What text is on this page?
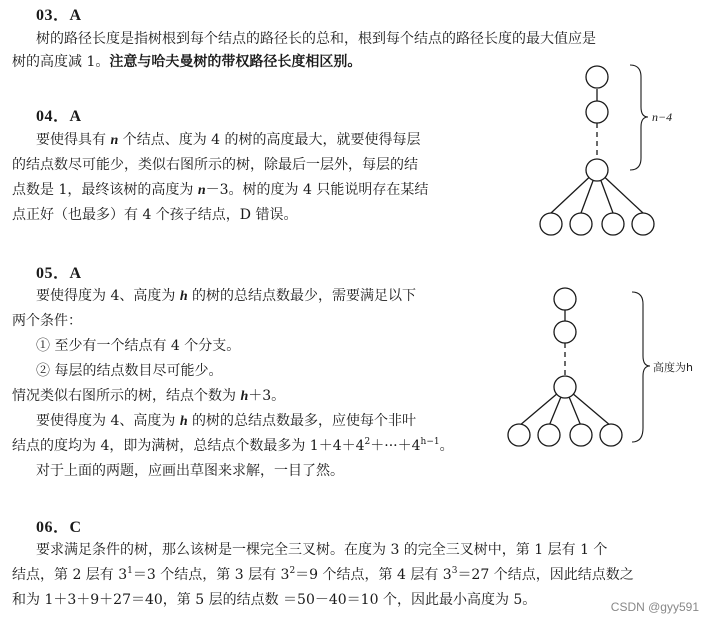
03．A
树的路径长度是指树根到每个结点的路径长的总和，根到每个结点的路径长度的最大值应是
树的高度减 1。注意与哈夫曼树的带权路径长度相区别。
04．A
要使得具有 n 个结点、度为 4 的树的高度最大，就要使得每层
的结点数尽可能少，类似右图所示的树，除最后一层外，每层的结
点数是 1，最终该树的高度为 n－3。树的度为 4 只能说明存在某结
点正好（也最多）有 4 个孩子结点，D 错误。
n−4
05．A
要使得度为 4、高度为 h 的树的总结点数最少，需要满足以下
两个条件：
① 至少有一个结点有 4 个分支。
② 每层的结点数目尽可能少。
情况类似右图所示的树，结点个数为 h＋3。
要使得度为 4、高度为 h 的树的总结点数最多，应使每个非叶
结点的度均为 4，即为满树，总结点个数最多为 $1+4+4^2+\cdot\cdot\cdot+4^{h-1}$。
对于上面的两题，应画出草图来求解，一目了然。
高度为h
06．C
要求满足条件的树，那么该树是一棵完全三叉树。在度为 3 的完全三叉树中，第 1 层有 1 个
结点，第 2 层有 $3^1=3$ 个结点，第 3 层有 $3^2=9$ 个结点，第 4 层有 $3^3=27$ 个结点，因此结点数之
和为 1＋3＋9＋27＝40，第 5 层的结点数 ＝50－40＝10 个，因此最小高度为 5。	CSDN @gyy591
